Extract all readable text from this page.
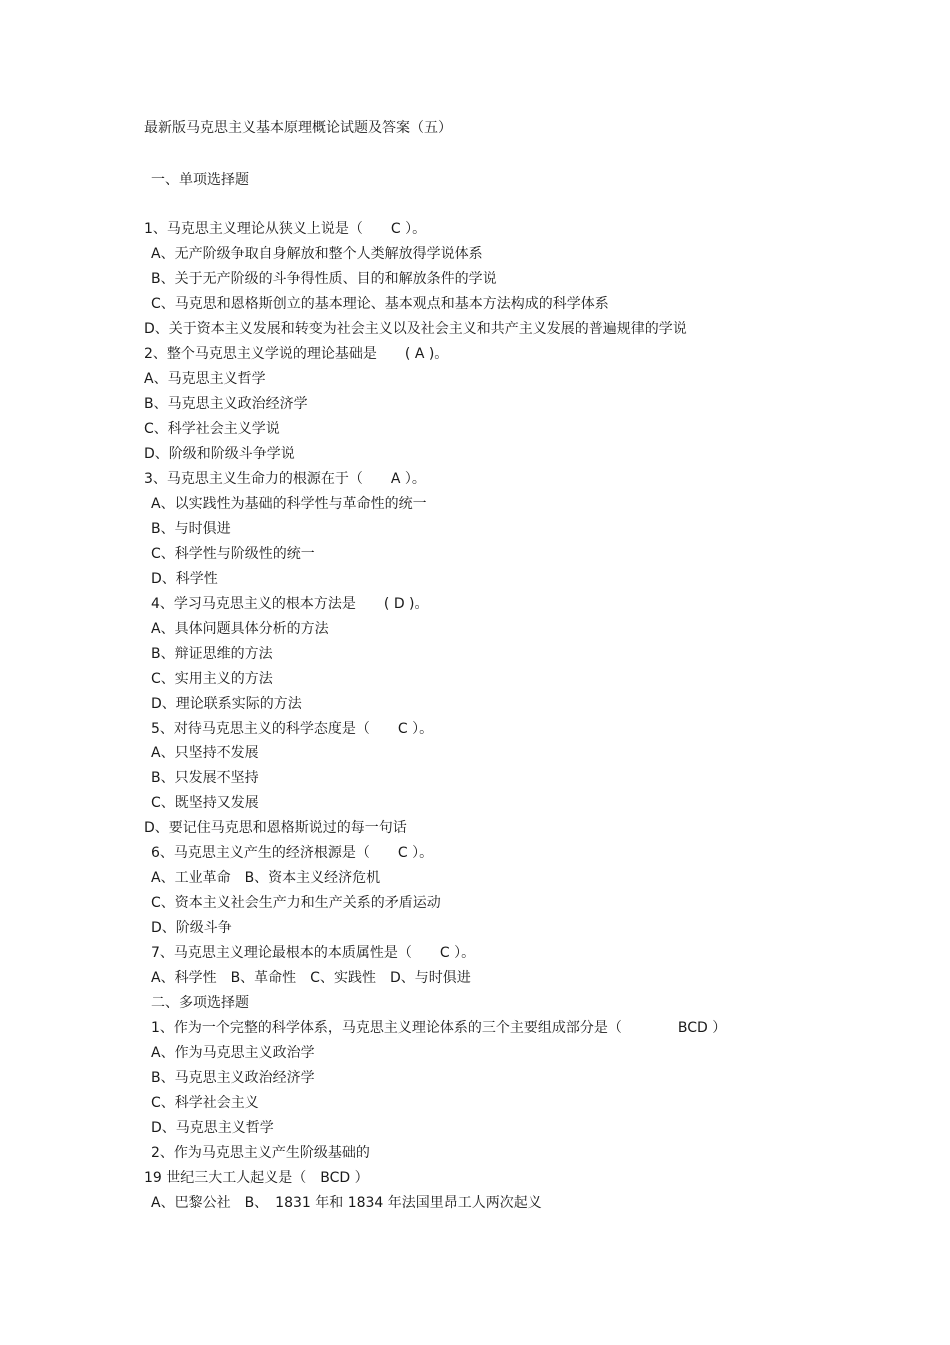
最新版马克思主义基本原理概论试题及答案（五）
一、单项选择题
1、马克思主义理论从狭义上说是（　　C ）。
A、无产阶级争取自身解放和整个人类解放得学说体系
B、关于无产阶级的斗争得性质、目的和解放条件的学说
C、马克思和恩格斯创立的基本理论、基本观点和基本方法构成的科学体系
D、关于资本主义发展和转变为社会主义以及社会主义和共产主义发展的普遍规律的学说
2、整个马克思主义学说的理论基础是　　( A )。
A、马克思主义哲学
B、马克思主义政治经济学
C、科学社会主义学说
D、阶级和阶级斗争学说
3、马克思主义生命力的根源在于（　　A ）。
A、以实践性为基础的科学性与革命性的统一
B、与时俱进
C、科学性与阶级性的统一
D、科学性
4、学习马克思主义的根本方法是　　( D )。
A、具体问题具体分析的方法
B、辩证思维的方法
C、实用主义的方法
D、理论联系实际的方法
5、对待马克思主义的科学态度是（　　C ）。
A、只坚持不发展
B、只发展不坚持
C、既坚持又发展
D、要记住马克思和恩格斯说过的每一句话
6、马克思主义产生的经济根源是（　　C ）。
A、工业革命　B、资本主义经济危机
C、资本主义社会生产力和生产关系的矛盾运动
D、阶级斗争
7、马克思主义理论最根本的本质属性是（　　C ）。
A、科学性　B、革命性　C、实践性　D、与时俱进
二、多项选择题
1、作为一个完整的科学体系，马克思主义理论体系的三个主要组成部分是（　　　　BCD ）
A、作为马克思主义政治学
B、马克思主义政治经济学
C、科学社会主义
D、马克思主义哲学
2、作为马克思主义产生阶级基础的
19 世纪三大工人起义是（　BCD ）
A、巴黎公社　B、　1831 年和 1834 年法国里昂工人两次起义
